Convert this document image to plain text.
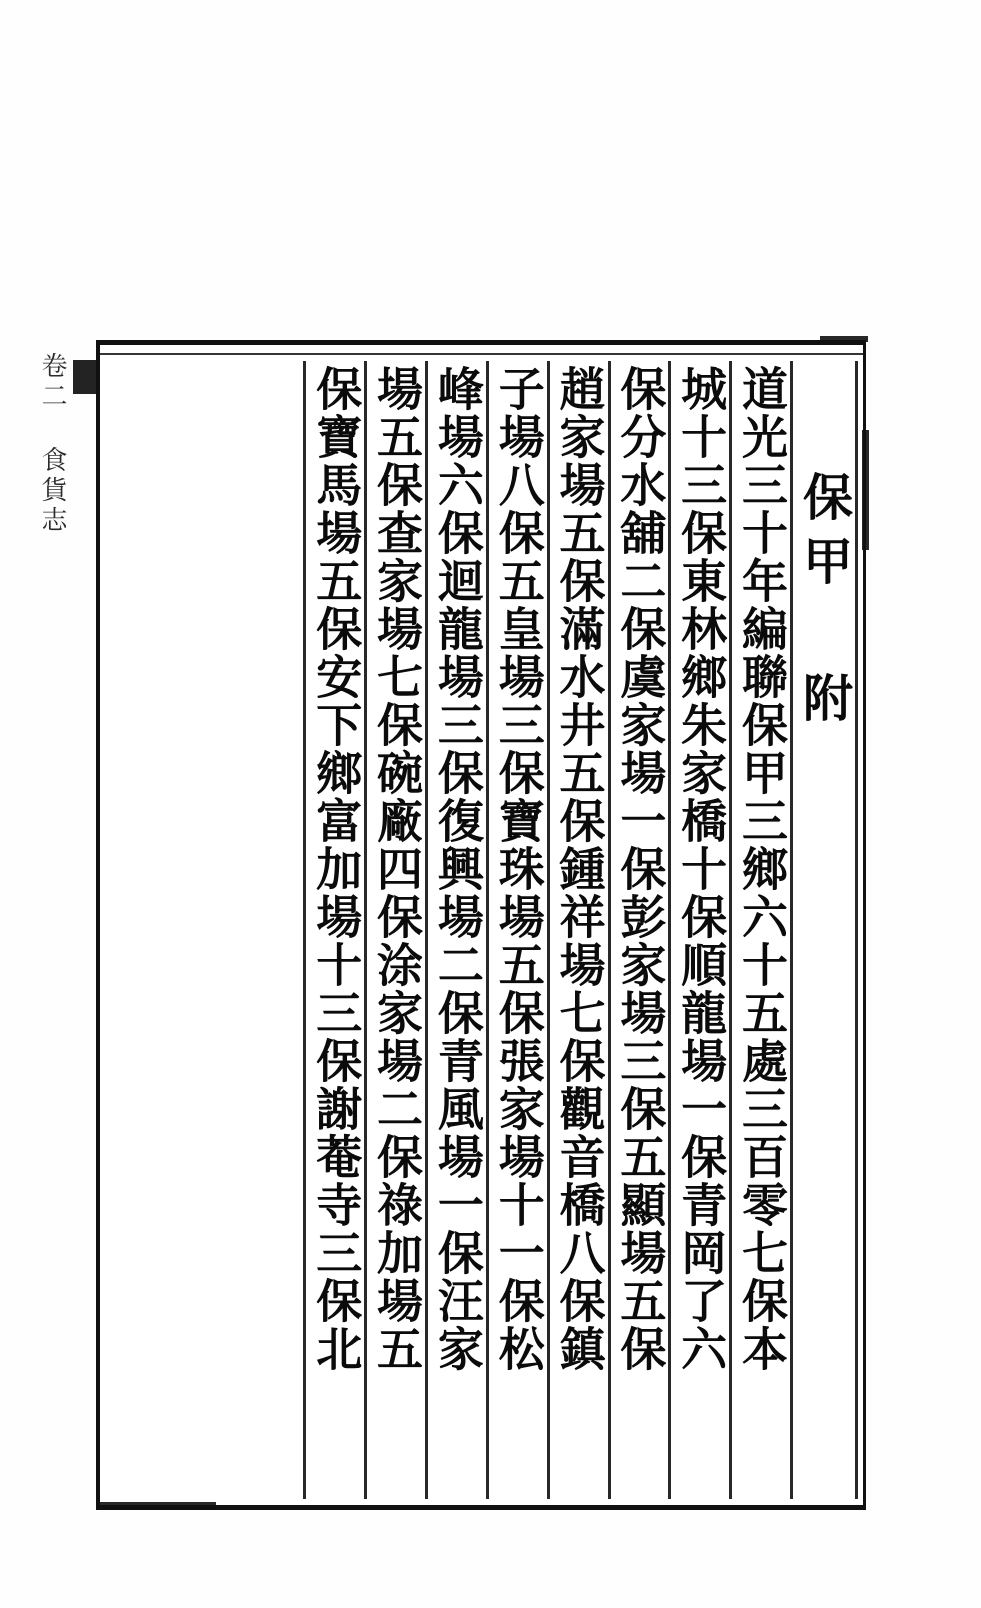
卷二 食貨志
保甲 附
道光三十年編聯保甲三鄉六十五處三百零七保本
城十三保東林鄉朱家橋十保順龍場一保青岡了六
保分水舖二保虞家場一保彭家場三保五顯場五保
趙家場五保滿水井五保鍾祥場七保觀音橋八保鎮
子場八保五皇場三保寶珠場五保張家場十一保松
峰場六保迴龍場三保復興場二保青風場一保汪家
場五保查家場七保碗廠四保涂家場二保祿加場五
保寶馬場五保安下鄉富加場十三保謝菴寺三保北
